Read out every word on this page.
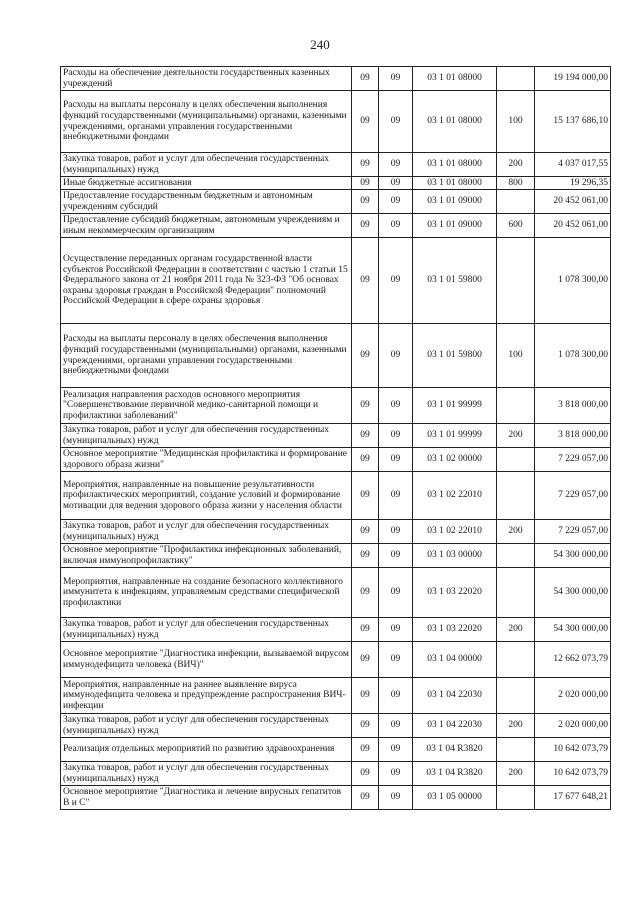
240
Расходы на обеспечение деятельности государственных казенных учреждений	09	09	03 1 01 08000		19 194 000,00
Расходы на выплаты персоналу в целях обеспечения выполнения функций государственными (муниципальными) органами, казенными учреждениями, органами управления государственными внебюджетными фондами	09	09	03 1 01 08000	100	15 137 686,10
Закупка товаров, работ и услуг для обеспечения государственных (муниципальных) нужд	09	09	03 1 01 08000	200	4 037 017,55
Иные бюджетные ассигнования	09	09	03 1 01 08000	800	19 296,35
Предоставление государственным бюджетным и автономным учреждениям субсидий	09	09	03 1 01 09000		20 452 061,00
Предоставление субсидий бюджетным, автономным учреждениям и иным некоммерческим организациям	09	09	03 1 01 09000	600	20 452 061,00
Осуществление переданных органам государственной власти субъектов Российской Федерации в соответствии с частью 1 статьи 15 Федерального закона от 21 ноября 2011 года № 323-ФЗ "Об основах охраны здоровья граждан в Российской Федерации" полномочий Российской Федерации в сфере охраны здоровья	09	09	03 1 01 59800		1 078 300,00
Расходы на выплаты персоналу в целях обеспечения выполнения функций государственными (муниципальными) органами, казенными учреждениями, органами управления государственными внебюджетными фондами	09	09	03 1 01 59800	100	1 078 300,00
Реализация направления расходов основного мероприятия "Совершенствование первичной медико-санитарной помощи и профилактики заболеваний"	09	09	03 1 01 99999		3 818 000,00
Закупка товаров, работ и услуг для обеспечения государственных (муниципальных) нужд	09	09	03 1 01 99999	200	3 818 000,00
Основное мероприятие "Медицинская профилактика и формирование здорового образа жизни"	09	09	03 1 02 00000		7 229 057,00
Мероприятия, направленные на повышение результативности профилактических мероприятий, создание условий и формирование мотивации для ведения здорового образа жизни у населения области	09	09	03 1 02 22010		7 229 057,00
Закупка товаров, работ и услуг для обеспечения государственных (муниципальных) нужд	09	09	03 1 02 22010	200	7 229 057,00
Основное мероприятие "Профилактика инфекционных заболеваний, включая иммунопрофилактику"	09	09	03 1 03 00000		54 300 000,00
Мероприятия, направленные на создание безопасного коллективного иммунитета к инфекциям, управляемым средствами специфической профилактики	09	09	03 1 03 22020		54 300 000,00
Закупка товаров, работ и услуг для обеспечения государственных (муниципальных) нужд	09	09	03 1 03 22020	200	54 300 000,00
Основное мероприятие "Диагностика инфекции, вызываемой вирусом иммунодефицита человека (ВИЧ)"	09	09	03 1 04 00000		12 662 073,79
Мероприятия, направленные на раннее выявление вируса иммунодефицита человека и предупреждение распространения ВИЧ-инфекции	09	09	03 1 04 22030		2 020 000,00
Закупка товаров, работ и услуг для обеспечения государственных (муниципальных) нужд	09	09	03 1 04 22030	200	2 020 000,00
Реализация отдельных мероприятий по развитию здравоохранения	09	09	03 1 04 R3820		10 642 073,79
Закупка товаров, работ и услуг для обеспечения государственных (муниципальных) нужд	09	09	03 1 04 R3820	200	10 642 073,79
Основное мероприятие "Диагностика и лечение вирусных гепатитов В и С"	09	09	03 1 05 00000		17 677 648,21
